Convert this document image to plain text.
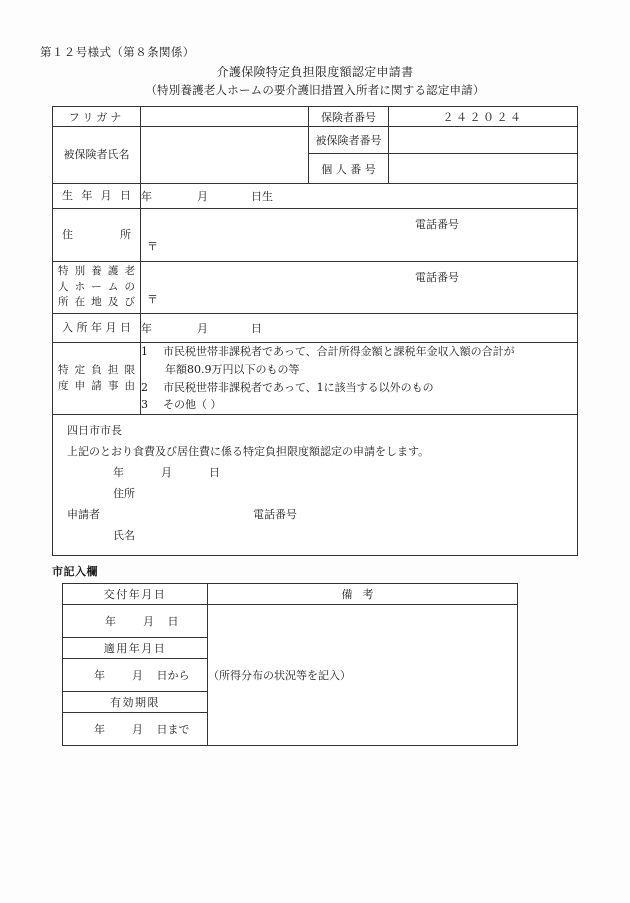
第１２号様式（第８条関係）
介護保険特定負担限度額認定申請書
（特別養護老人ホームの要介護旧措置入所者に関する認定申請）
フリガナ		保険者番号	２４２０２４
被保険者氏名		被保険者番号	

		個 人 番 号	

生年月日	年 月 日生		

住所	〒
電話番号		

特別養護老
人ホームの
所在地及び	〒
電話番号		

入所年月日	年 月 日		

特定負担限
度申請事由

1 市民税世帯非課税者であって、合計所得金額と課税年金収入額の合計が
年額80.9万円以下のもの等
2 市民税世帯非課税者であって、1に該当する以外のもの
3 その他（ ）

四日市市長
上記のとおり食費及び居住費に係る特定負担限度額認定の申請をします。
年	月	日
住所
申請者	電話番号
氏名
市記入欄
交付年月日	備考
年 月 日	（所得分布の状況等を記入）
適用年月日	
年 月 日から	
有効期限	
年 月 日まで	
